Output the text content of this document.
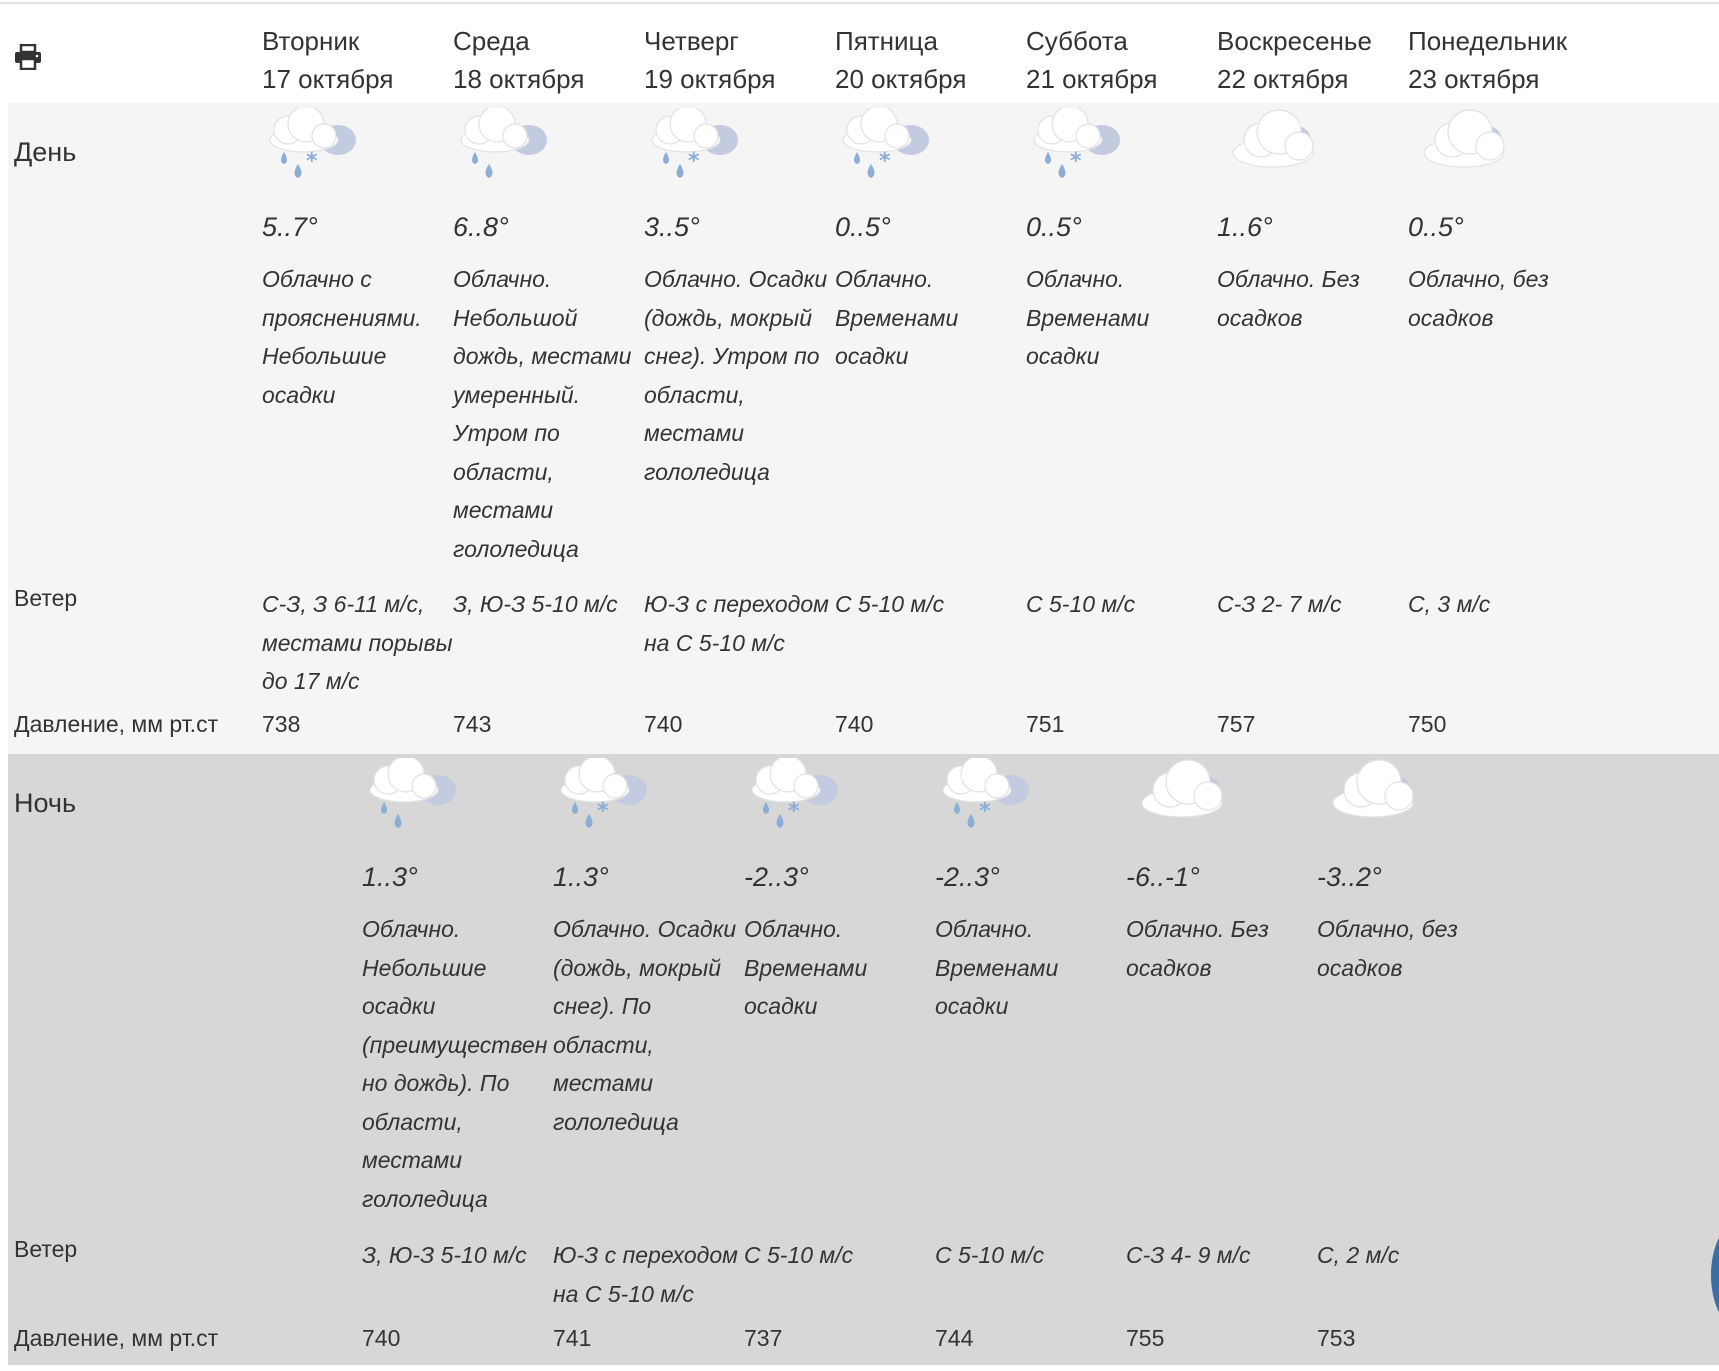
Вторник
17 октября
Среда
18 октября
Четверг
19 октября
Пятница
20 октября
Суббота
21 октября
Воскресенье
22 октября
Понедельник
23 октября
День
Ветер
Давление, мм рт.ст
Ночь
Ветер
Давление, мм рт.ст
*
5..7°
Облачно с прояснениями. Небольшие осадки
С-З, З 6-11 м/с, местами порывы до 17 м/с
738
6..8°
Облачно. Небольшой дождь, местами умеренный. Утром по области, местами гололедица
З, Ю-З 5-10 м/с
743
*
3..5°
Облачно. Осадки (дождь, мокрый снег). Утром по области, местами гололедица
Ю-З с переходом на С 5-10 м/с
740
*
0..5°
Облачно. Временами осадки
С 5-10 м/с
740
*
0..5°
Облачно. Временами осадки
С 5-10 м/с
751
1..6°
Облачно. Без осадков
С-З 2- 7 м/с
757
0..5°
Облачно, без осадков
С, 3 м/с
750
1..3°
Облачно. Небольшие осадки (преимуществен но дождь). По области, местами гололедица
З, Ю-З 5-10 м/с
740
*
1..3°
Облачно. Осадки (дождь, мокрый снег). По области, местами гололедица
Ю-З с переходом на С 5-10 м/с
741
*
-2..3°
Облачно. Временами осадки
С 5-10 м/с
737
*
-2..3°
Облачно. Временами осадки
С 5-10 м/с
744
-6..-1°
Облачно. Без осадков
С-З 4- 9 м/с
755
-3..2°
Облачно, без осадков
С, 2 м/с
753
